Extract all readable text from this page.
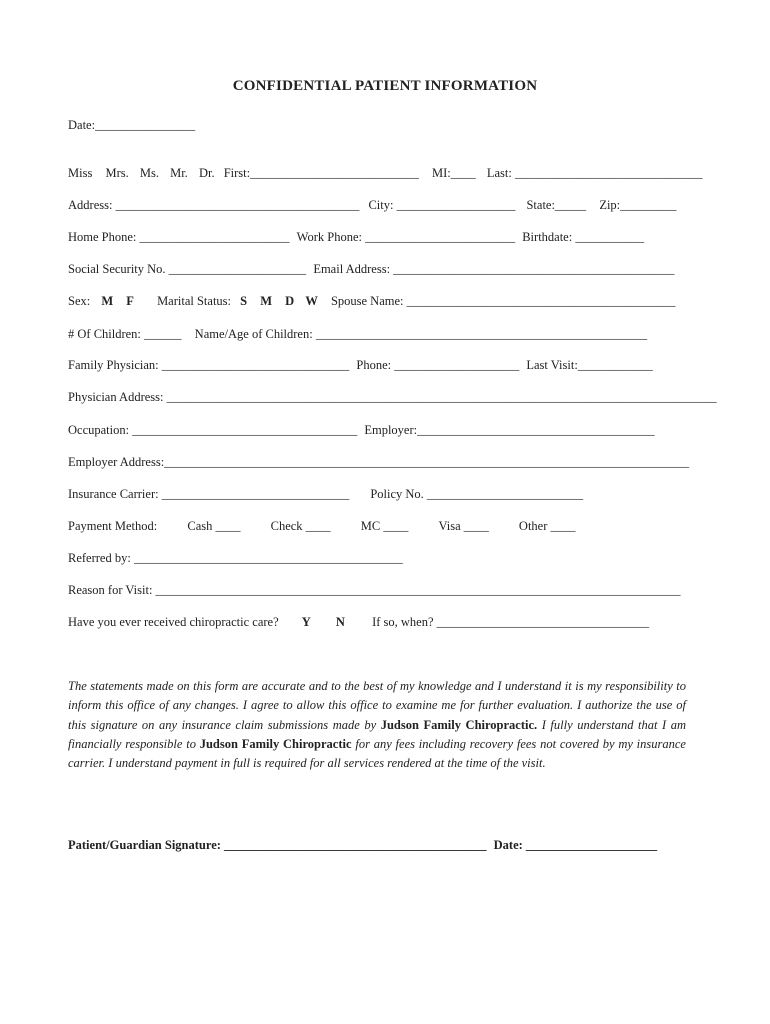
CONFIDENTIAL PATIENT INFORMATION
Date:________________
Miss Mrs. Ms. Mr. Dr. First:___________________________ MI:____ Last: ______________________________
Address: _______________________________________ City: ___________________ State:_____ Zip:_________
Home Phone: ________________________ Work Phone: ________________________ Birthdate: ___________
Social Security No. ______________________ Email Address: _____________________________________________
Sex: M F Marital Status: S M D W Spouse Name: ___________________________________________
# Of Children: ______ Name/Age of Children: _____________________________________________________
Family Physician: ______________________________ Phone: ____________________ Last Visit:____________
Physician Address: ________________________________________________________________________________________
Occupation: ____________________________________ Employer:______________________________________
Employer Address:____________________________________________________________________________________
Insurance Carrier: ______________________________ Policy No. _________________________
Payment Method: Cash ____ Check ____ MC ____ Visa ____ Other ____
Referred by: ___________________________________________
Reason for Visit: ____________________________________________________________________________________
Have you ever received chiropractic care? Y N If so, when? __________________________________
The statements made on this form are accurate and to the best of my knowledge and I understand it is my responsibility to inform this office of any changes. I agree to allow this office to examine me for further evaluation. I authorize the use of this signature on any insurance claim submissions made by Judson Family Chiropractic. I fully understand that I am financially responsible to Judson Family Chiropractic for any fees including recovery fees not covered by my insurance carrier. I understand payment in full is required for all services rendered at the time of the visit.
Patient/Guardian Signature: __________________________________________ Date: _____________________
